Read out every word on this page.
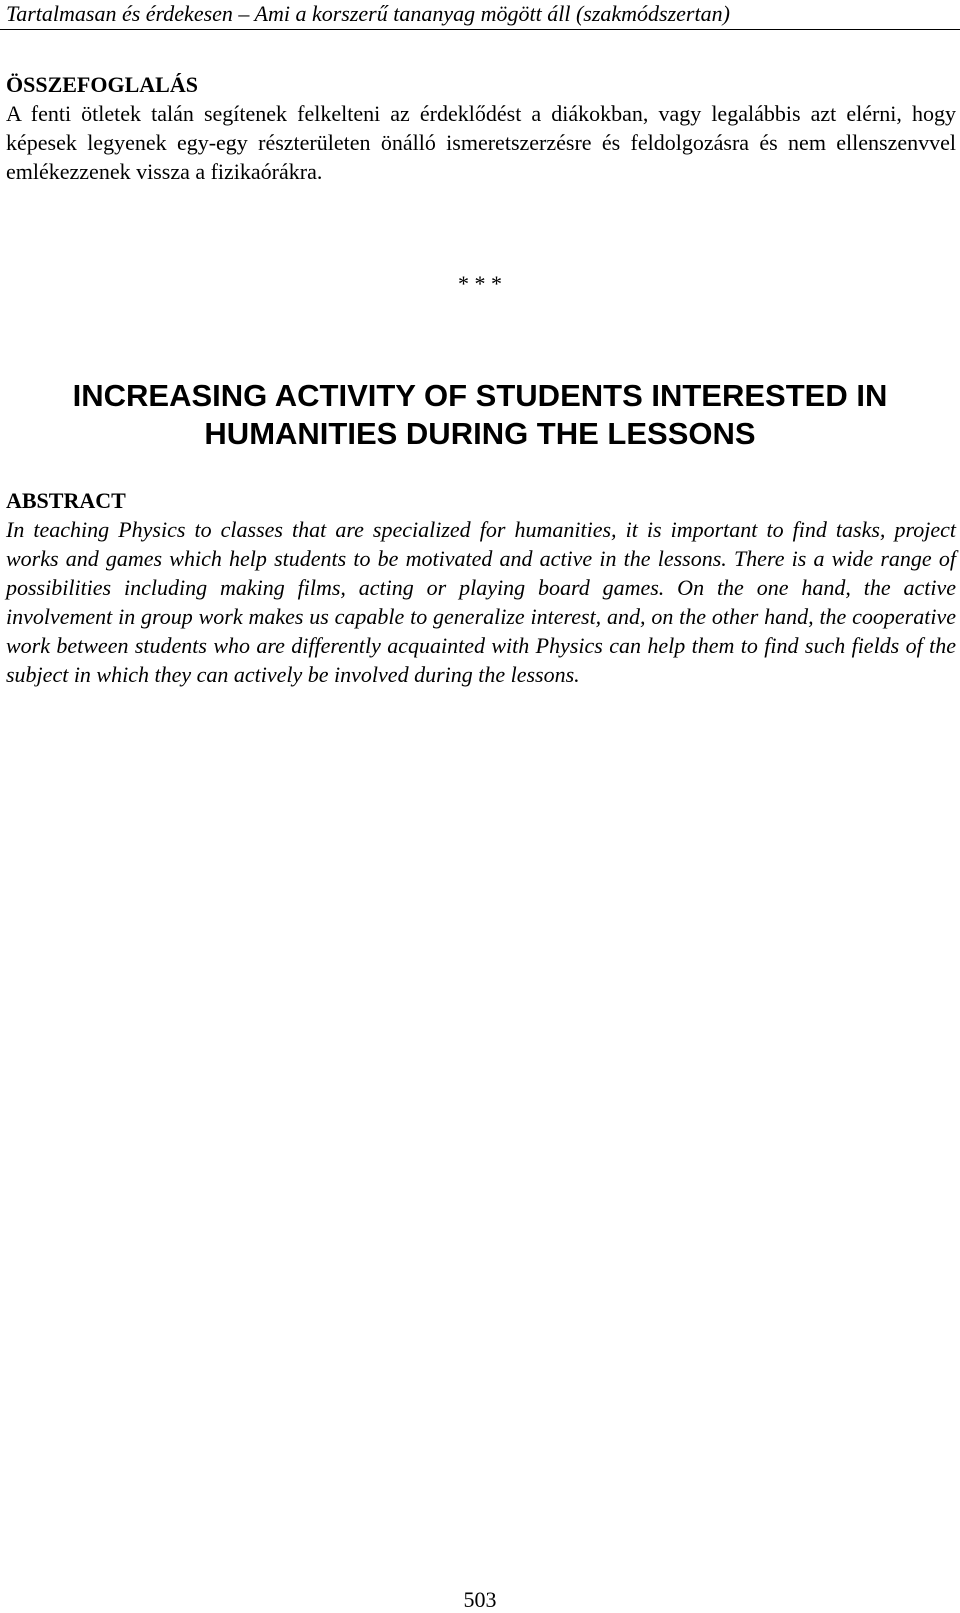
Tartalmasan és érdekesen – Ami a korszerű tananyag mögött áll (szakmódszertan)
ÖSSZEFOGLALÁS
A fenti ötletek talán segítenek felkelteni az érdeklődést a diákokban, vagy legalábbis azt elérni, hogy képesek legyenek egy-egy részterületen önálló ismeretszerzésre és feldolgozásra és nem ellenszenvvel emlékezzenek vissza a fizikaórákra.
* * *
INCREASING ACTIVITY OF STUDENTS INTERESTED IN
HUMANITIES DURING THE LESSONS
ABSTRACT
In teaching Physics to classes that are specialized for humanities, it is important to find tasks, project works and games which help students to be motivated and active in the lessons. There is a wide range of possibilities including making films, acting or playing board games. On the one hand, the active involvement in group work makes us capable to generalize interest, and, on the other hand, the cooperative work between students who are differently acquainted with Physics can help them to find such fields of the subject in which they can actively be involved during the lessons.
503
